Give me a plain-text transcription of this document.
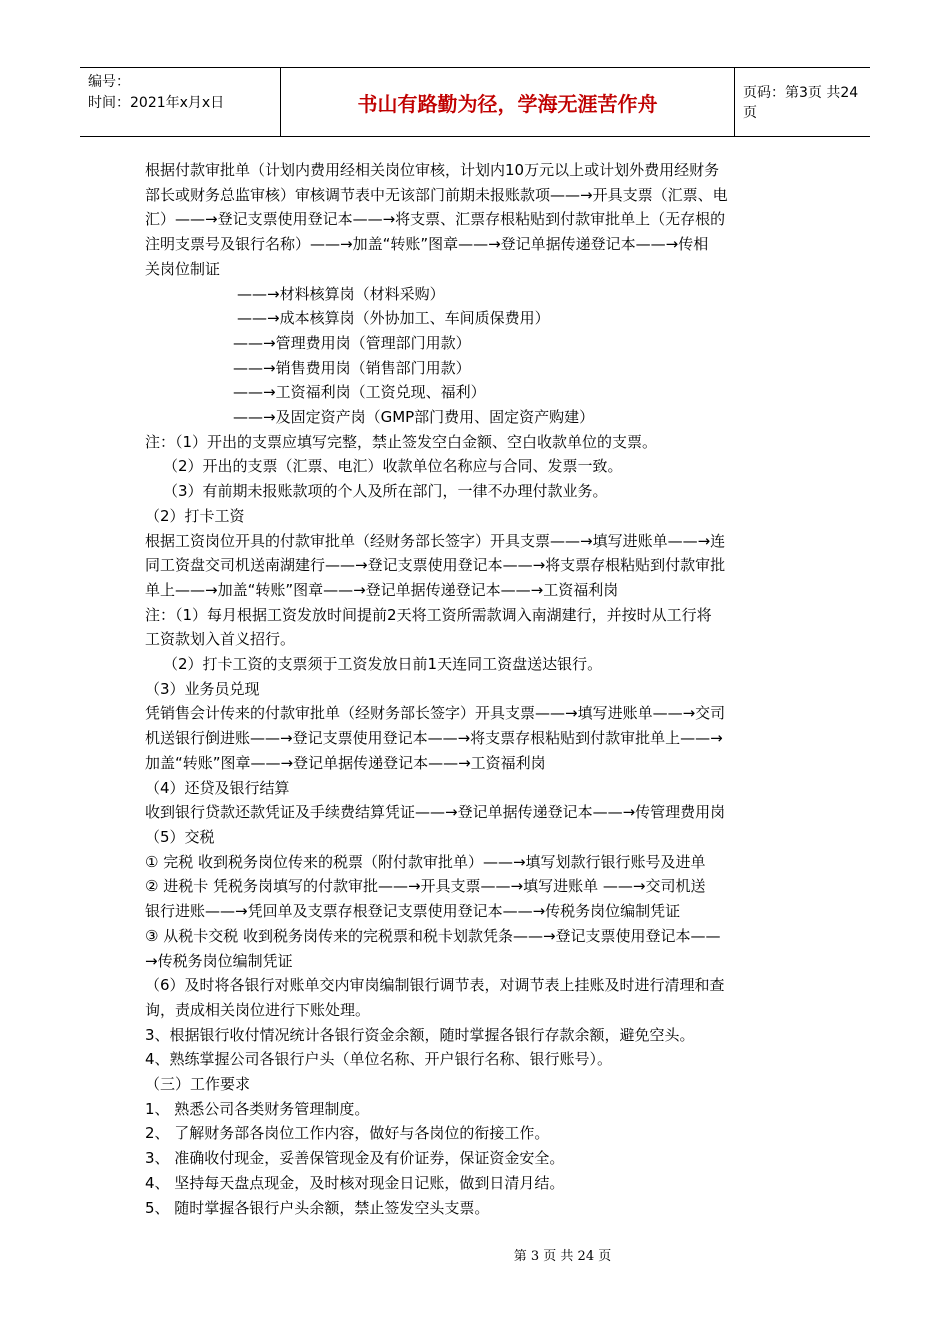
编号：
时间：2021年x月x日	书山有路勤为径，学海无涯苦作舟	页码：第3页 共24页
根据付款审批单（计划内费用经相关岗位审核，计划内10万元以上或计划外费用经财务
部长或财务总监审核）审核调节表中无该部门前期未报账款项——→开具支票（汇票、电
汇）——→登记支票使用登记本——→将支票、汇票存根粘贴到付款审批单上（无存根的
注明支票号及银行名称）——→加盖“转账”图章——→登记单据传递登记本——→传相
关岗位制证
——→材料核算岗（材料采购）
——→成本核算岗（外协加工、车间质保费用）
——→管理费用岗（管理部门用款）
——→销售费用岗（销售部门用款）
——→工资福利岗（工资兑现、福利）
——→及固定资产岗（GMP部门费用、固定资产购建）
注：（1）开出的支票应填写完整，禁止签发空白金额、空白收款单位的支票。
（2）开出的支票（汇票、电汇）收款单位名称应与合同、发票一致。
（3）有前期未报账款项的个人及所在部门，一律不办理付款业务。
（2）打卡工资
根据工资岗位开具的付款审批单（经财务部长签字）开具支票——→填写进账单——→连
同工资盘交司机送南湖建行——→登记支票使用登记本——→将支票存根粘贴到付款审批
单上——→加盖“转账”图章——→登记单据传递登记本——→工资福利岗
注：（1）每月根据工资发放时间提前2天将工资所需款调入南湖建行，并按时从工行将
工资款划入首义招行。
（2）打卡工资的支票须于工资发放日前1天连同工资盘送达银行。
（3）业务员兑现
凭销售会计传来的付款审批单（经财务部长签字）开具支票——→填写进账单——→交司
机送银行倒进账——→登记支票使用登记本——→将支票存根粘贴到付款审批单上——→
加盖“转账”图章——→登记单据传递登记本——→工资福利岗
（4）还贷及银行结算
收到银行贷款还款凭证及手续费结算凭证——→登记单据传递登记本——→传管理费用岗
（5）交税
① 完税 收到税务岗位传来的税票（附付款审批单）——→填写划款行银行账号及进单
② 进税卡 凭税务岗填写的付款审批——→开具支票——→填写进账单 ——→交司机送
银行进账——→凭回单及支票存根登记支票使用登记本——→传税务岗位编制凭证
③ 从税卡交税 收到税务岗传来的完税票和税卡划款凭条——→登记支票使用登记本——
→传税务岗位编制凭证
（6）及时将各银行对账单交内审岗编制银行调节表，对调节表上挂账及时进行清理和查
询，责成相关岗位进行下账处理。
3、根据银行收付情况统计各银行资金余额，随时掌握各银行存款余额，避免空头。
4、熟练掌握公司各银行户头（单位名称、开户银行名称、银行账号）。
（三）工作要求
1、 熟悉公司各类财务管理制度。
2、 了解财务部各岗位工作内容，做好与各岗位的衔接工作。
3、 准确收付现金，妥善保管现金及有价证券，保证资金安全。
4、 坚持每天盘点现金，及时核对现金日记账，做到日清月结。
5、 随时掌握各银行户头余额，禁止签发空头支票。
第 3 页 共 24 页
